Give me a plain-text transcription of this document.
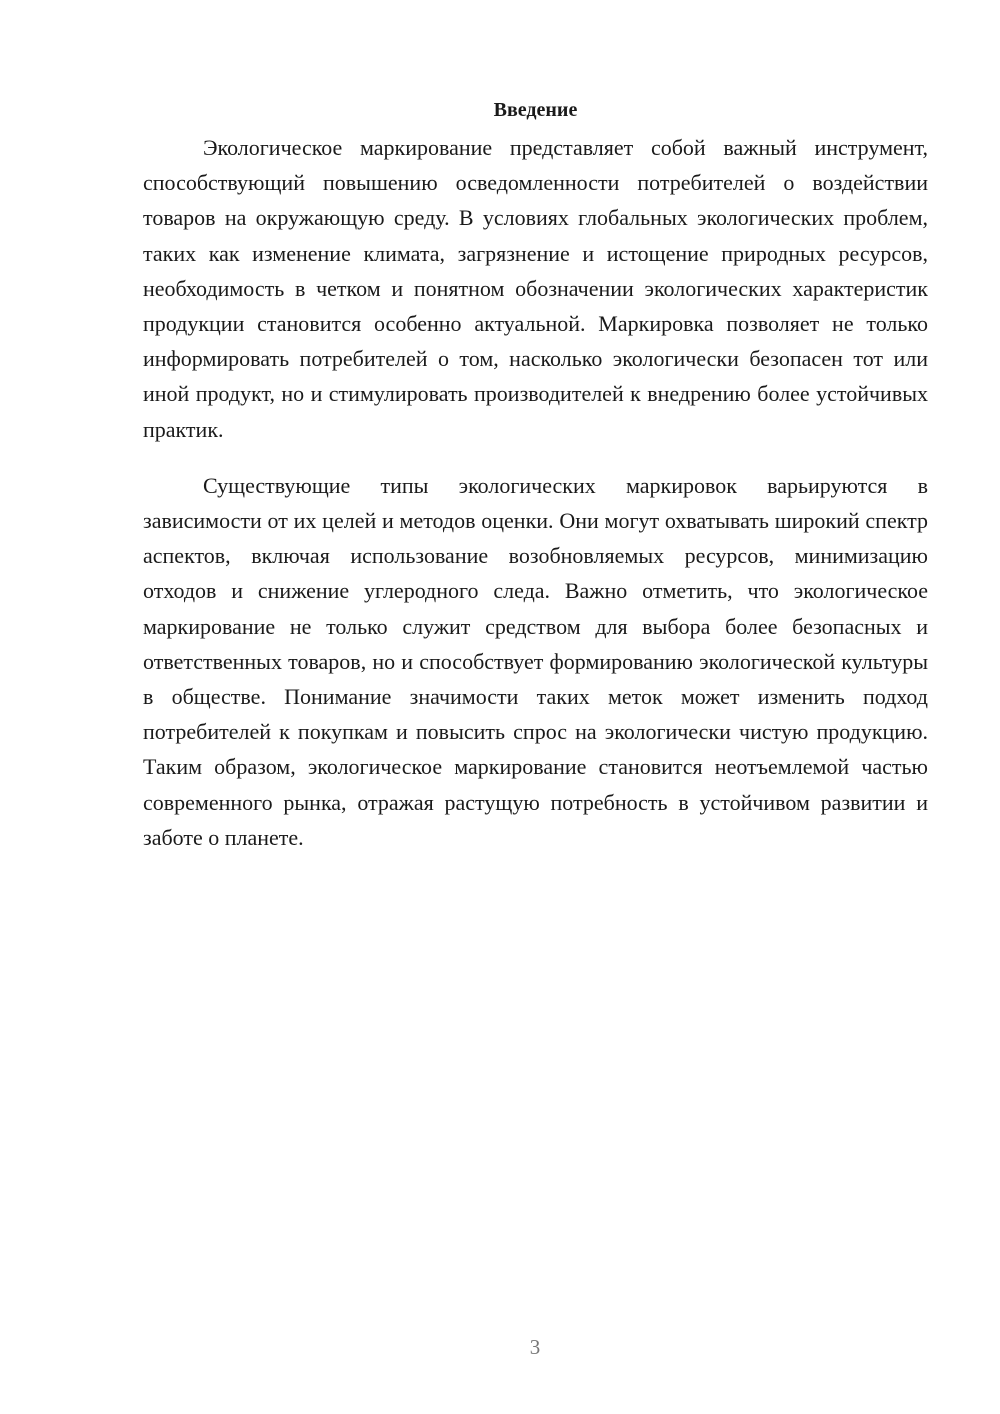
Введение

Экологическое маркирование представляет собой важный инструмент, способствующий повышению осведомленности потребителей о воздействии товаров на окружающую среду. В условиях глобальных экологических проблем, таких как изменение климата, загрязнение и истощение природных ресурсов, необходимость в четком и понятном обозначении экологических характеристик продукции становится особенно актуальной. Маркировка позволяет не только информировать потребителей о том, насколько экологически безопасен тот или иной продукт, но и стимулировать производителей к внедрению более устойчивых практик.

Существующие типы экологических маркировок варьируются в зависимости от их целей и методов оценки. Они могут охватывать широкий спектр аспектов, включая использование возобновляемых ресурсов, минимизацию отходов и снижение углеродного следа. Важно отметить, что экологическое маркирование не только служит средством для выбора более безопасных и ответственных товаров, но и способствует формированию экологической культуры в обществе. Понимание значимости таких меток может изменить подход потребителей к покупкам и повысить спрос на экологически чистую продукцию. Таким образом, экологическое маркирование становится неотъемлемой частью современного рынка, отражая растущую потребность в устойчивом развитии и заботе о планете.

3
